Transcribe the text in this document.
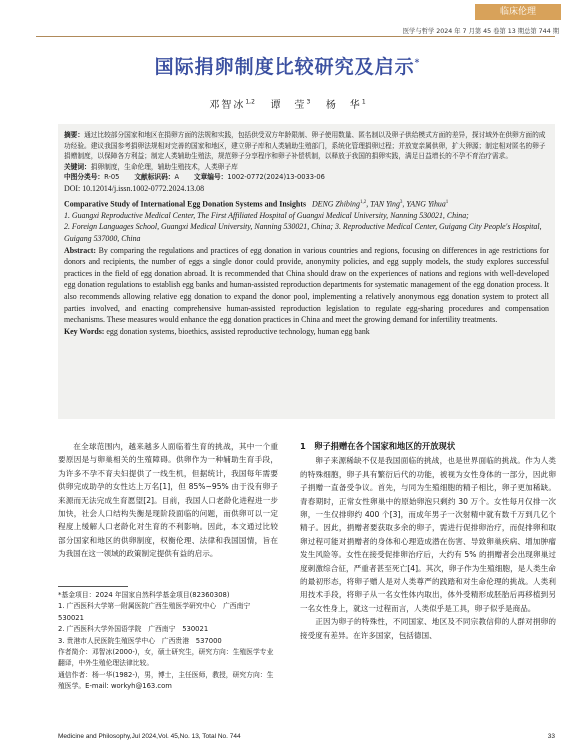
临床伦理
医学与哲学 2024 年 7 月第 45 卷第 13 期总第 744 期
国际捐卵制度比较研究及启示*
邓智冰$^{1,2}$ 谭　莹$^3$ 杨　华$^1$

摘要：通过比较部分国家和地区在捐卵方面的法规和实践，包括供受双方年龄限制、卵子使用数量、匿名制以及卵子供给模式方面的差异，探讨域外在供卵方面的成功经验。建议我国参考捐卵法规相对完善的国家和地区，建立卵子库和人类辅助生殖部门，系统化管理捐卵过程；并放宽亲属供卵，扩大卵源；制定相对匿名的卵子捐赠制度，以保障各方利益；制定人类辅助生殖法，规范卵子分享程序和卵子补偿机制，以释放于我国的捐卵实践，满足日益增长的不孕不育治疗需求。

关键词：捐卵制度，生命伦理，辅助生殖技术，人类卵子库

中图分类号：R-05 文献标识码：A 文章编号：1002-0772(2024)13-0033-06

DOI: 10.12014/j.issn.1002-0772.2024.13.08

Comparative Study of International Egg Donation Systems and Insights DENG Zhibing$^{1,2}$, TAN Ying$^3$, YANG Yihua$^1$

1. Guangxi Reproductive Medical Center, The First Affiliated Hospital of Guangxi Medical University, Nanning 530021, China;

2. Foreign Languages School, Guangxi Medical University, Nanning 530021, China; 3. Reproductive Medical Center, Guigang City People's Hospital, Guigang 537000, China

Abstract: By comparing the regulations and practices of egg donation in various countries and regions, focusing on differences in age restrictions for donors and recipients, the number of eggs a single donor could provide, anonymity policies, and egg supply models, the study explores successful practices in the field of egg donation abroad. It is recommended that China should draw on the experiences of nations and regions with well-developed egg donation regulations to establish egg banks and human-assisted reproduction departments for systematic management of the egg donation process. It also recommends allowing relative egg donation to expand the donor pool, implementing a relatively anonymous egg donation system to protect all parties involved, and enacting comprehensive human-assisted reproduction legislation to regulate egg-sharing procedures and compensation mechanisms. These measures would enhance the egg donation practices in China and meet the growing demand for infertility treatments.

Key Words: egg donation systems, bioethics, assisted reproductive technology, human egg bank

在全球范围内，越来越多人面临着生育的挑战，其中一个重要原因是与卵巢相关的生殖障碍。供卵作为一种辅助生育手段，为许多不孕不育夫妇提供了一线生机，但据统计，我国每年需要供卵完成助孕的女性达上万名[1]，但 85%~95% 由于没有卵子来源而无法完成生育愿望[2]。目前，我国人口老龄化进程进一步加快，社会人口结构失衡是现阶段面临的问题，而供卵可以一定程度上缓解人口老龄化对生育的不利影响。因此，本文通过比较部分国家和地区的供卵制度，权衡伦理、法律和我国国情，旨在为我国在这一领域的政策制定提供有益的启示。
*基金项目：2024 年国家自然科学基金项目(82360308)
1. 广西医科大学第一附属医院广西生殖医学研究中心　广西南宁　530021
2. 广西医科大学外国语学院　广西南宁　530021
3. 贵港市人民医院生殖医学中心　广西贵港　537000
作者简介：邓智冰(2000-)，女，硕士研究生，研究方向：生殖医学专业翻译，中外生殖伦理法律比较。
通信作者：杨一华(1982-)，男，博士，主任医师，教授，研究方向：生殖医学。E-mail: workyh@163.com
1　卵子捐赠在各个国家和地区的开放现状
卵子来源稀缺不仅是我国面临的挑战，也是世界面临的挑战。作为人类的特殊细胞，卵子具有繁衍后代的功能，被视为女性身体的一部分，因此卵子捐赠一直备受争议。首先，与同为生殖细胞的精子相比，卵子更加稀缺。青春期时，正常女性卵巢中的原始卵泡只剩约 30 万个。女性每月仅排一次卵，一生仅排卵约 400 个[3]，而成年男子一次射精中就有数千万到几亿个精子。因此，捐赠者要获取多余的卵子，需进行促排卵治疗，而促排卵和取卵过程可能对捐赠者的身体和心理造成潜在伤害、导致卵巢疾病、增加肿瘤发生风险等。女性在接受促排卵治疗后，大约有 5% 的捐赠者会出现卵巢过度刺激综合征，严重者甚至死亡[4]。其次，卵子作为生殖细胞，是人类生命的最初形态，将卵子赠人是对人类尊严的践踏和对生命伦理的挑战。人类利用技术手段，将卵子从一名女性体内取出，体外受精形成胚胎后再移植到另一名女性身上，就这一过程而言，人类似乎是工具，卵子似乎是商品。
正因为卵子的特殊性，不同国家、地区及不同宗教信仰的人群对捐卵的接受度有差异。在许多国家，包括德国、
Medicine and Philosophy,Jul 2024,Vol. 45,No. 13, Total No. 744	33
